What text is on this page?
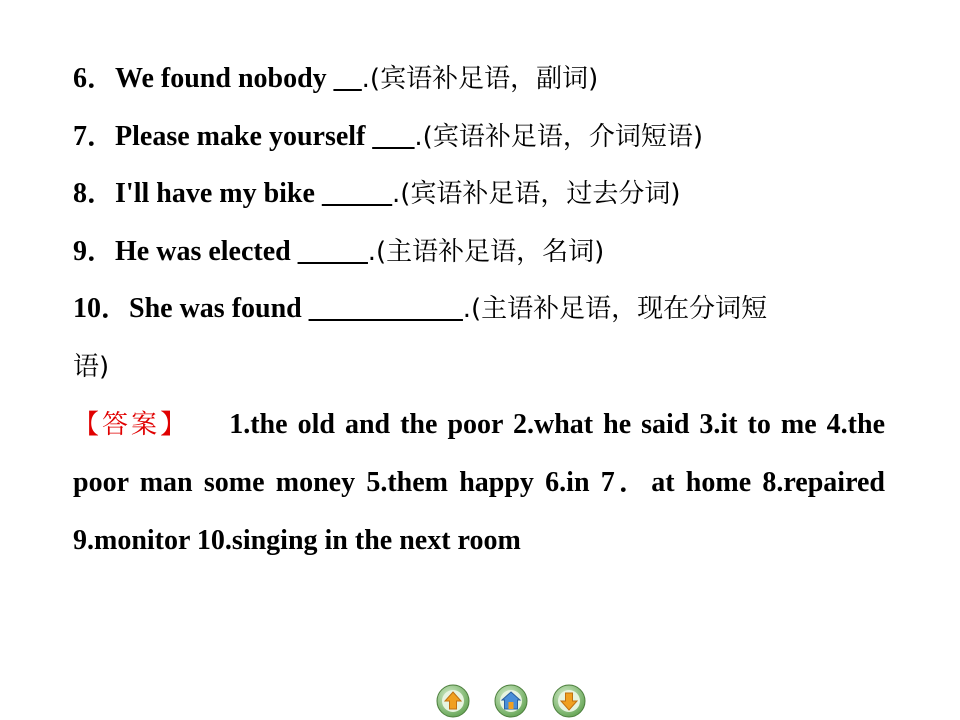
6．We found nobody __.(宾语补足语，副词)
7．Please make yourself ___.(宾语补足语，介词短语)
8．I'll have my bike _____.(宾语补足语，过去分词)
9．He was elected _____.(主语补足语，名词)
10．She was found ___________.(主语补足语，现在分词短
语)
【答案】 1.the old and the poor 2.what he said 3.it to me 4.the poor man some money 5.them happy 6.in 7．at home 8.repaired 9.monitor 10.singing in the next room
